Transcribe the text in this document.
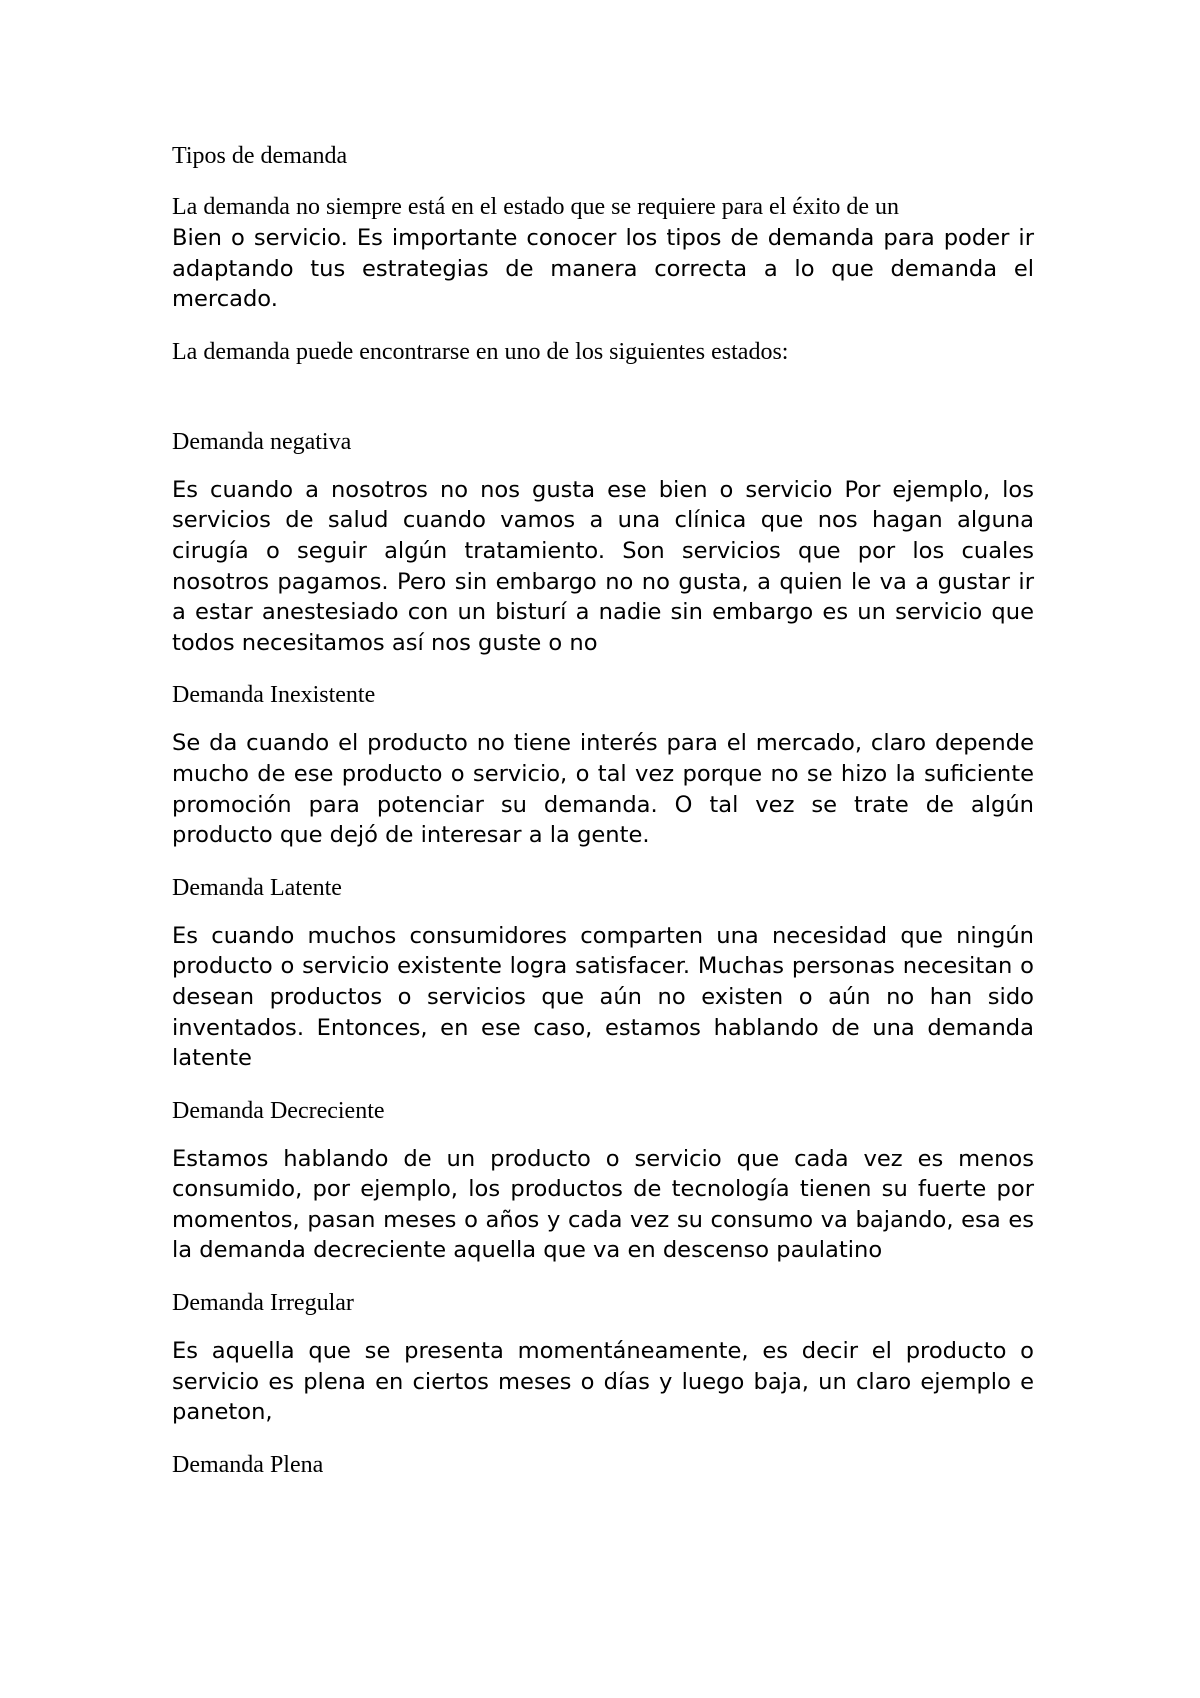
Tipos de demanda

La demanda no siempre está en el estado que se requiere para el éxito de un

Bien o servicio. Es importante conocer los tipos de demanda para poder ir adaptando tus estrategias de manera correcta a lo que demanda el mercado.

La demanda puede encontrarse en uno de los siguientes estados:

Demanda negativa

Es cuando a nosotros no nos gusta ese bien o servicio Por ejemplo, los servicios de salud cuando vamos a una clínica que nos hagan alguna cirugía o seguir algún tratamiento. Son servicios que por los cuales nosotros pagamos. Pero sin embargo no no gusta, a quien le va a gustar ir a estar anestesiado con un bisturí a nadie sin embargo es un servicio que todos necesitamos así nos guste o no

Demanda Inexistente

Se da cuando el producto no tiene interés para el mercado, claro depende mucho de ese producto o servicio, o tal vez porque no se hizo la suficiente promoción para potenciar su demanda. O tal vez se trate de algún producto que dejó de interesar a la gente.

Demanda Latente

Es cuando muchos consumidores comparten una necesidad que ningún producto o servicio existente logra satisfacer. Muchas personas necesitan o desean productos o servicios que aún no existen o aún no han sido inventados. Entonces, en ese caso, estamos hablando de una demanda latente

Demanda Decreciente

Estamos hablando de un producto o servicio que cada vez es menos consumido, por ejemplo, los productos de tecnología tienen su fuerte por momentos, pasan meses o años y cada vez su consumo va bajando, esa es la demanda decreciente aquella que va en descenso paulatino

Demanda Irregular

Es aquella que se presenta momentáneamente, es decir el producto o servicio es plena en ciertos meses o días y luego baja, un claro ejemplo e paneton,

Demanda Plena
